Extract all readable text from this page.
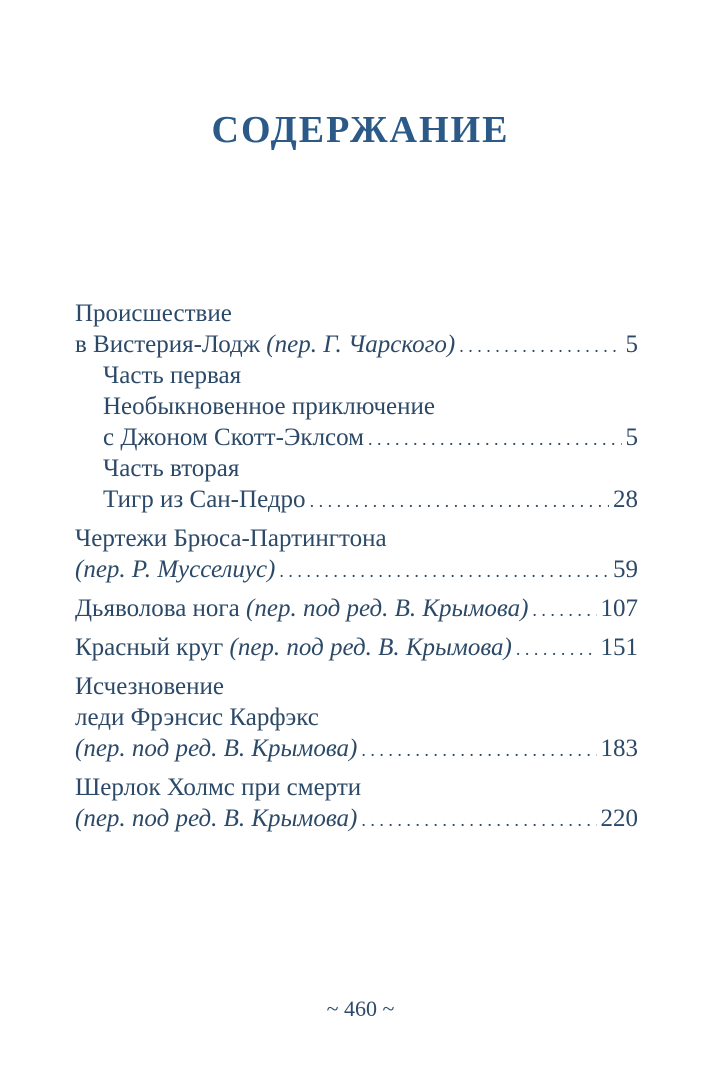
СОДЕРЖАНИЕ
Происшествие
в Вистерия-Лодж (пер. Г. Чарского) . . .	5
Часть первая
Необыкновенное приключение
с Джоном Скотт-Эклсом . . .	5
Часть вторая
Тигр из Сан-Педро . . .	28
Чертежи Брюса-Партингтона
(пер. Р. Мусселиус) . . .	59
Дьяволова нога (пер. под ред. В. Крымова) . . .	107
Красный круг (пер. под ред. В. Крымова) . . .	151
Исчезновение
леди Фрэнсис Карфэкс
(пер. под ред. В. Крымова) . . .	183
Шерлок Холмс при смерти
(пер. под ред. В. Крымова) . . .	220
~ 460 ~
